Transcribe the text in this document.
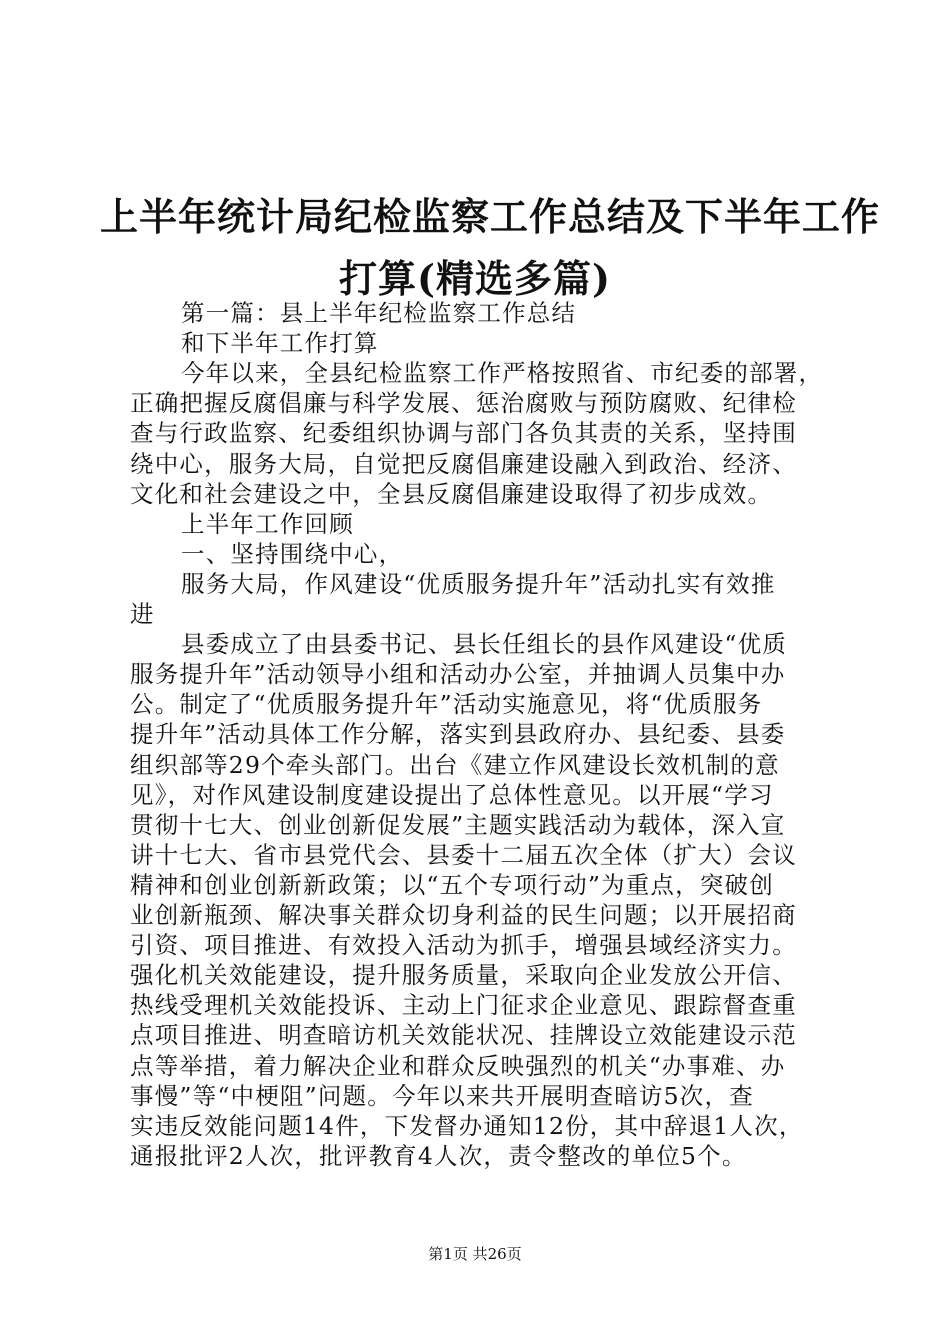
上半年统计局纪检监察工作总结及下半年工作
打算(精选多篇)
第一篇：县上半年纪检监察工作总结
和下半年工作打算
今年以来，全县纪检监察工作严格按照省、市纪委的部署，
正确把握反腐倡廉与科学发展、惩治腐败与预防腐败、纪律检
查与行政监察、纪委组织协调与部门各负其责的关系，坚持围
绕中心，服务大局，自觉把反腐倡廉建设融入到政治、经济、
文化和社会建设之中，全县反腐倡廉建设取得了初步成效。
上半年工作回顾
一、坚持围绕中心，
服务大局，作风建设“优质服务提升年”活动扎实有效推
进
县委成立了由县委书记、县长任组长的县作风建设“优质
服务提升年”活动领导小组和活动办公室，并抽调人员集中办
公。制定了“优质服务提升年”活动实施意见，将“优质服务
提升年”活动具体工作分解，落实到县政府办、县纪委、县委
组织部等29个牵头部门。出台《建立作风建设长效机制的意
见》，对作风建设制度建设提出了总体性意见。以开展“学习
贯彻十七大、创业创新促发展”主题实践活动为载体，深入宣
讲十七大、省市县党代会、县委十二届五次全体（扩大）会议
精神和创业创新新政策；以“五个专项行动”为重点，突破创
业创新瓶颈、解决事关群众切身利益的民生问题；以开展招商
引资、项目推进、有效投入活动为抓手，增强县域经济实力。
强化机关效能建设，提升服务质量，采取向企业发放公开信、
热线受理机关效能投诉、主动上门征求企业意见、跟踪督查重
点项目推进、明查暗访机关效能状况、挂牌设立效能建设示范
点等举措，着力解决企业和群众反映强烈的机关“办事难、办
事慢”等“中梗阻”问题。今年以来共开展明查暗访5次，查
实违反效能问题14件，下发督办通知12份，其中辞退1人次，
通报批评2人次，批评教育4人次，责令整改的单位5个。
第1页 共26页
